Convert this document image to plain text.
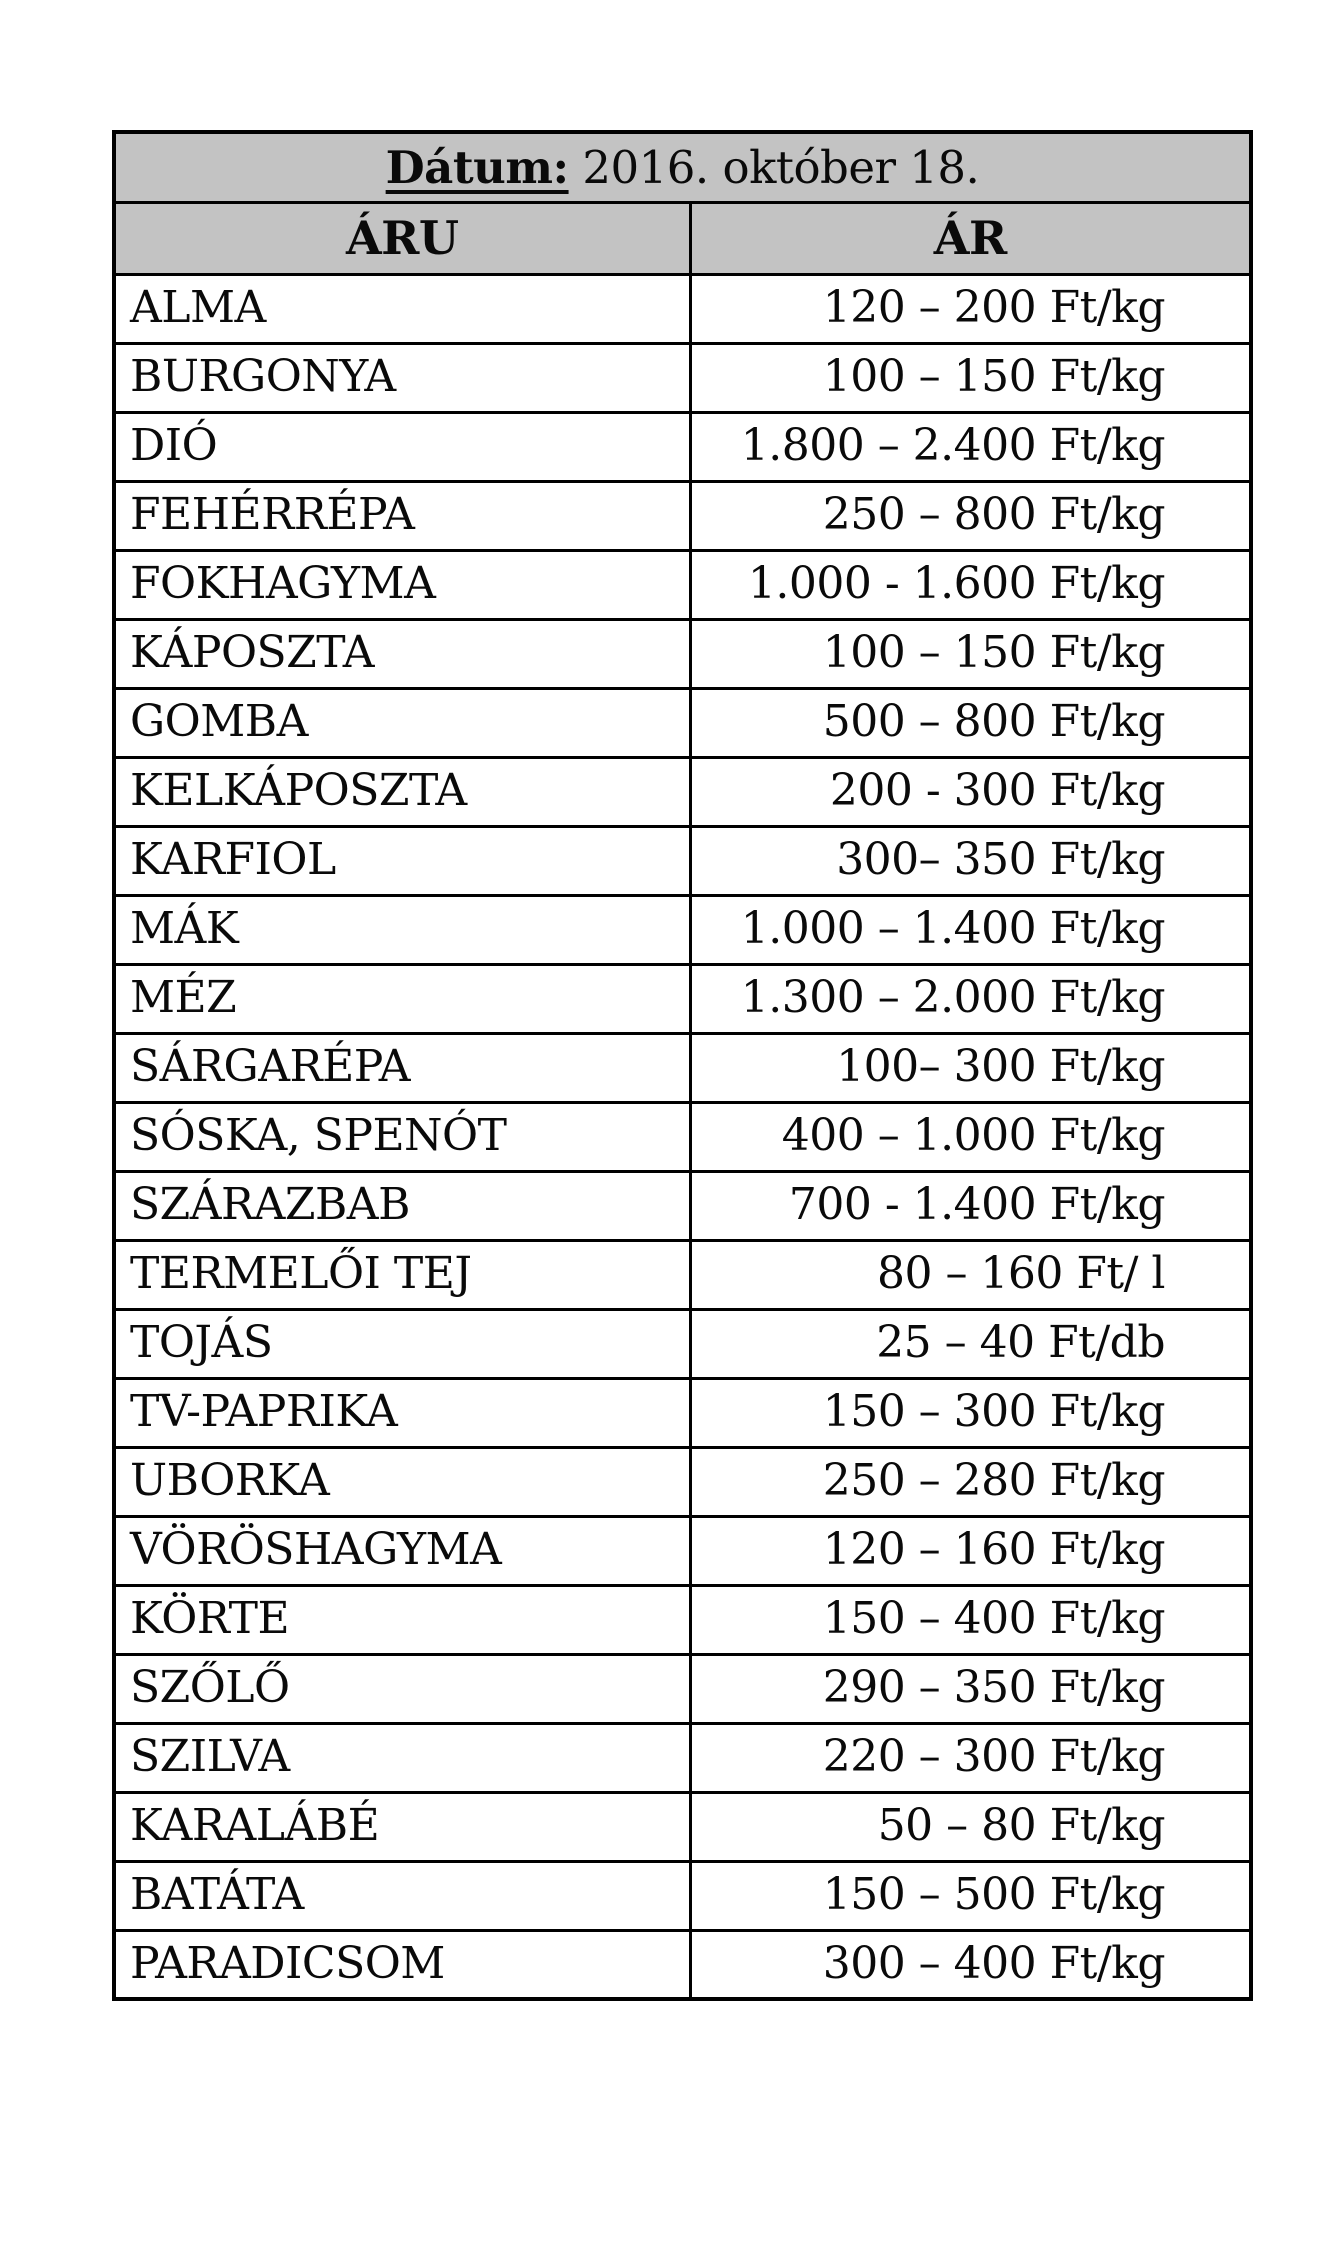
Dátum: 2016. október 18.	
ÁRU	ÁR
ALMA	120 – 200 Ft/kg
BURGONYA	100 – 150 Ft/kg
DIÓ	1.800 – 2.400 Ft/kg
FEHÉRRÉPA	250 – 800 Ft/kg
FOKHAGYMA	1.000 - 1.600 Ft/kg
KÁPOSZTA	100 – 150 Ft/kg
GOMBA	500 – 800 Ft/kg
KELKÁPOSZTA	200 - 300 Ft/kg
KARFIOL	300– 350 Ft/kg
MÁK	1.000 – 1.400 Ft/kg
MÉZ	1.300 – 2.000 Ft/kg
SÁRGARÉPA	100– 300 Ft/kg
SÓSKA, SPENÓT	400 – 1.000 Ft/kg
SZÁRAZBAB	700 - 1.400 Ft/kg
TERMELŐI TEJ	80 – 160 Ft/ l
TOJÁS	25 – 40 Ft/db
TV-PAPRIKA	150 – 300 Ft/kg
UBORKA	250 – 280 Ft/kg
VÖRÖSHAGYMA	120 – 160 Ft/kg
KÖRTE	150 – 400 Ft/kg
SZŐLŐ	290 – 350 Ft/kg
SZILVA	220 – 300 Ft/kg
KARALÁBÉ	50 – 80 Ft/kg
BATÁTA	150 – 500 Ft/kg
PARADICSOM	300 – 400 Ft/kg
